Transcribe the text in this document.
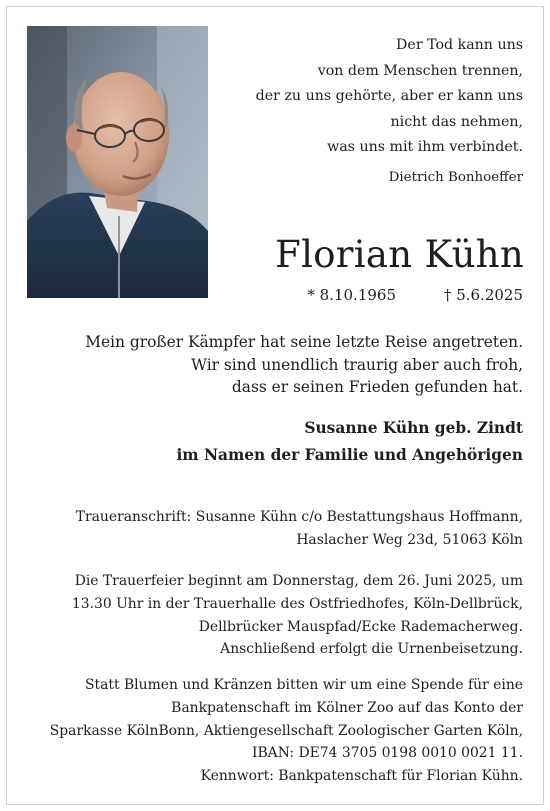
Der Tod kann uns
von dem Menschen trennen,
der zu uns gehörte, aber er kann uns
nicht das nehmen,
was uns mit ihm verbindet.
Dietrich Bonhoeffer
Florian Kühn
* 8.10.1965	† 5.6.2025
Mein großer Kämpfer hat seine letzte Reise angetreten.
Wir sind unendlich traurig aber auch froh,
dass er seinen Frieden gefunden hat.
Susanne Kühn geb. Zindt
im Namen der Familie und Angehörigen
Traueranschrift: Susanne Kühn c/o Bestattungshaus Hoffmann,
Haslacher Weg 23d, 51063 Köln
Die Trauerfeier beginnt am Donnerstag, dem 26. Juni 2025, um
13.30 Uhr in der Trauerhalle des Ostfriedhofes, Köln-Dellbrück,
Dellbrücker Mauspfad/Ecke Rademacherweg.
Anschließend erfolgt die Urnenbeisetzung.
Statt Blumen und Kränzen bitten wir um eine Spende für eine
Bankpatenschaft im Kölner Zoo auf das Konto der
Sparkasse KölnBonn, Aktiengesellschaft Zoologischer Garten Köln,
IBAN: DE74 3705 0198 0010 0021 11.
Kennwort: Bankpatenschaft für Florian Kühn.
